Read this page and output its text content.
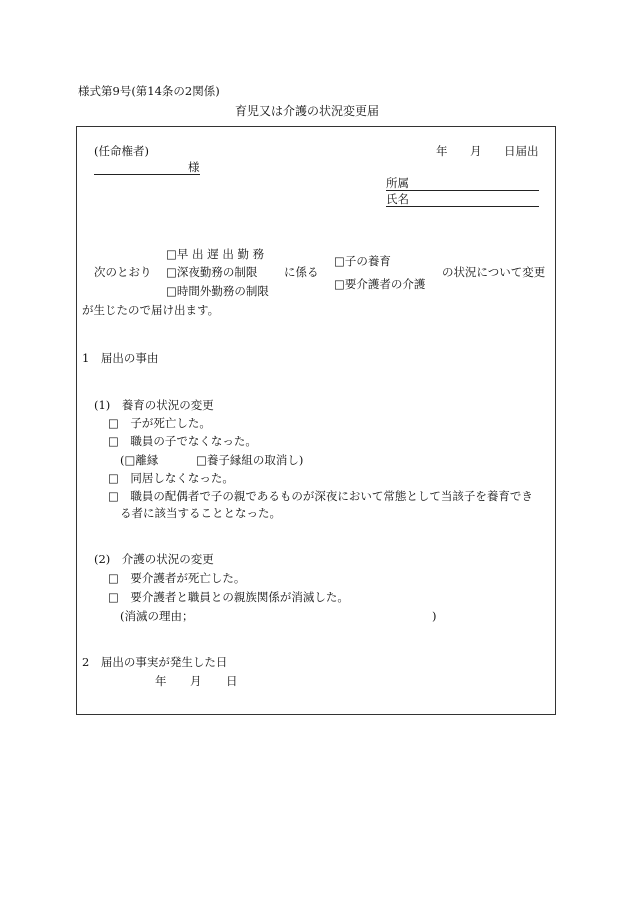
様式第9号(第14条の2関係)
育児又は介護の状況変更届
(任命権者)
様
年 月 日届出
所属
氏名
次のとおり
□早 出 遅 出 勤 務
□深夜勤務の制限
□時間外勤務の制限
に係る
□子の養育
□要介護者の介護
の状況について変更
が生じたので届け出ます。
1　届出の事由
(1)　養育の状況の変更
□　子が死亡した。
□　職員の子でなくなった。
(□離縁	□養子縁組の取消し)
□　同居しなくなった。
□　職員の配偶者で子の親であるものが深夜において常態として当該子を養育でき
る者に該当することとなった。
(2)　介護の状況の変更
□　要介護者が死亡した。
□　要介護者と職員との親族関係が消滅した。
(消滅の理由；	)
2　届出の事実が発生した日
年 月 日
